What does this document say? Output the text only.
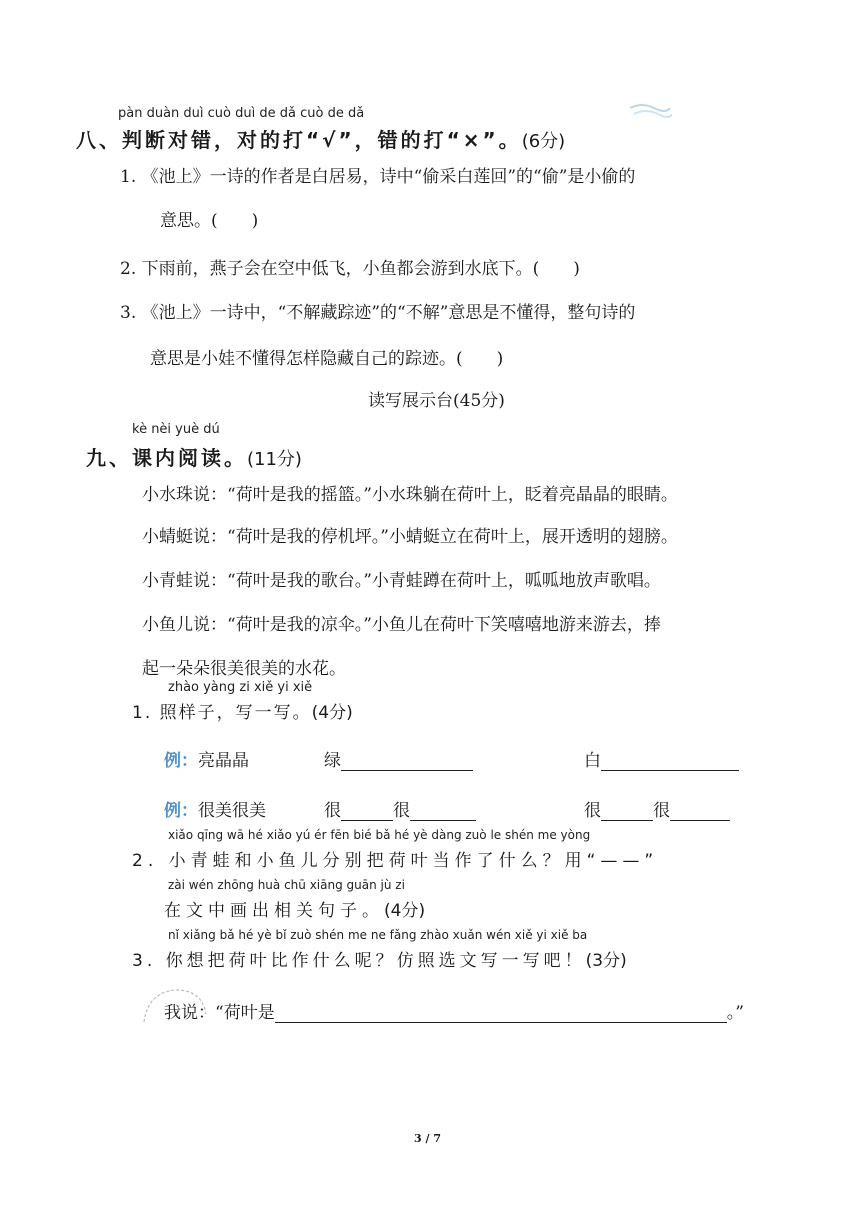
pàn duàn duì cuò duì de dǎ cuò de dǎ
八、判断对错，对的打“√”，错的打“×”。(6分)
1. 《池上》一诗的作者是白居易，诗中“偷采白莲回”的“偷”是小偷的
意思。(　　)
2. 下雨前，燕子会在空中低飞，小鱼都会游到水底下。(　　)
3. 《池上》一诗中，“不解藏踪迹”的“不解”意思是不懂得，整句诗的
意思是小娃不懂得怎样隐藏自己的踪迹。(　　)
读写展示台(45分)
kè nèi yuè dú
九、课内阅读。(11分)
小水珠说：“荷叶是我的摇篮。”小水珠躺在荷叶上，眨着亮晶晶的眼睛。
小蜻蜓说：“荷叶是我的停机坪。”小蜻蜓立在荷叶上，展开透明的翅膀。
小青蛙说：“荷叶是我的歌台。”小青蛙蹲在荷叶上，呱呱地放声歌唱。
小鱼儿说：“荷叶是我的凉伞。”小鱼儿在荷叶下笑嘻嘻地游来游去，捧
起一朵朵很美很美的水花。
zhào yàng zi xiě yi xiě
1. 照样子，写一写。(4分)
例：亮晶晶	绿	白
例：很美很美	很	很	很	很
xiǎo qīng wā hé xiǎo yú ér fēn bié bǎ hé yè dàng zuò le shén me yòng
2. 小青蛙和小鱼儿分别把荷叶当作了什么？用“——”
zài wén zhōng huà chū xiāng guān jù zi
在文中画出相关句子。(4分)
nǐ xiǎng bǎ hé yè bǐ zuò shén me ne fǎng zhào xuǎn wén xiě yi xiě ba
3. 你想把荷叶比作什么呢？仿照选文写一写吧！(3分)
我说：“荷叶是	。”
3 / 7
